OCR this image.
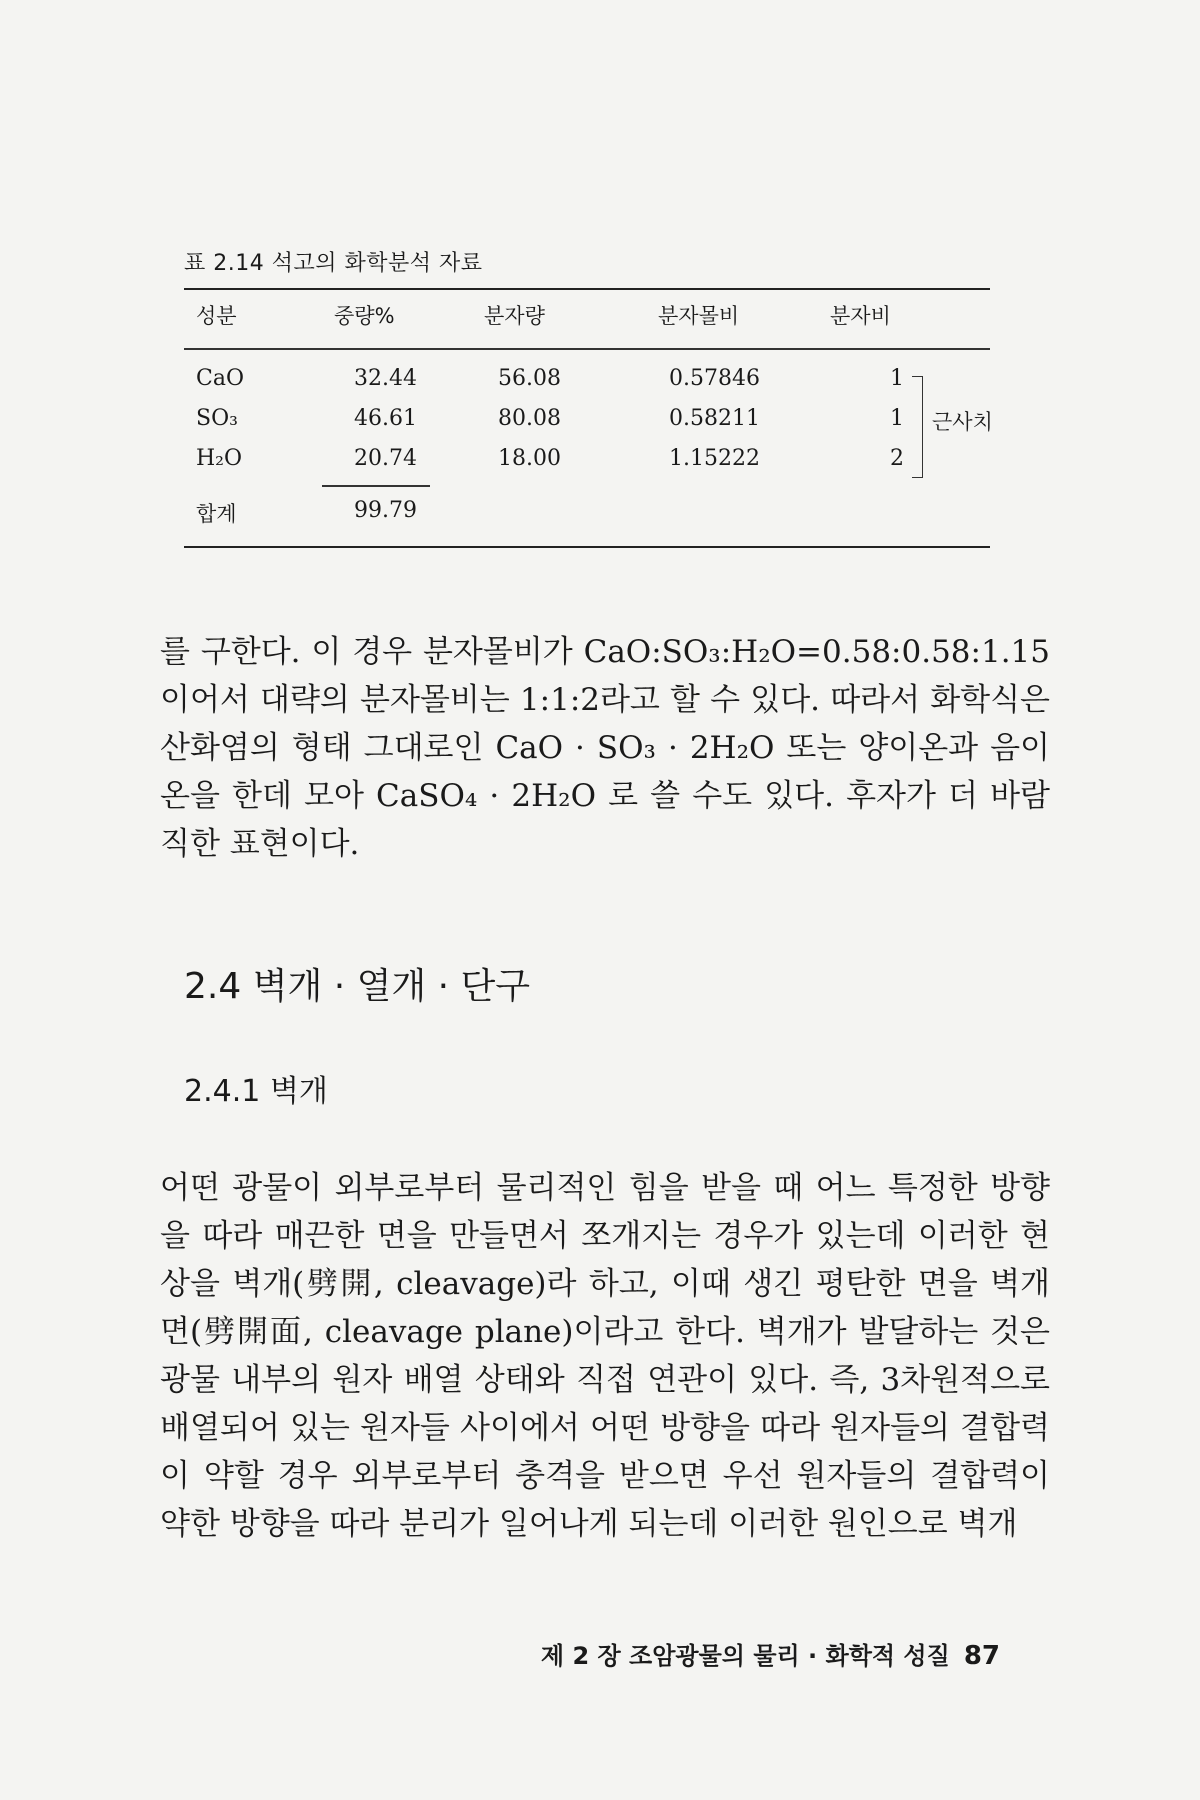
표 2.14 석고의 화학분석 자료
성분	중량%	분자량	분자몰비	분자비
CaO	32.44	56.08	0.57846	1
SO₃	46.61	80.08	0.58211	1
H₂O	20.74	18.00	1.15222	2
근사치
합계	99.79
를 구한다. 이 경우 분자몰비가 CaO:SO₃:H₂O=0.58:0.58:1.15이어서 대략의 분자몰비는 1:1:2라고 할 수 있다. 따라서 화학식은 산화염의 형태 그대로인 CaO · SO₃ · 2H₂O 또는 양이온과 음이온을 한데 모아 CaSO₄ · 2H₂O 로 쓸 수도 있다. 후자가 더 바람직한 표현이다.
2.4 벽개 · 열개 · 단구
2.4.1 벽개
어떤 광물이 외부로부터 물리적인 힘을 받을 때 어느 특정한 방향을 따라 매끈한 면을 만들면서 쪼개지는 경우가 있는데 이러한 현상을 벽개(劈開, cleavage)라 하고, 이때 생긴 평탄한 면을 벽개면(劈開面, cleavage plane)이라고 한다. 벽개가 발달하는 것은 광물 내부의 원자 배열 상태와 직접 연관이 있다. 즉, 3차원적으로 배열되어 있는 원자들 사이에서 어떤 방향을 따라 원자들의 결합력이 약할 경우 외부로부터 충격을 받으면 우선 원자들의 결합력이 약한 방향을 따라 분리가 일어나게 되는데 이러한 원인으로 벽개
제 2 장 조암광물의 물리 · 화학적 성질 87
